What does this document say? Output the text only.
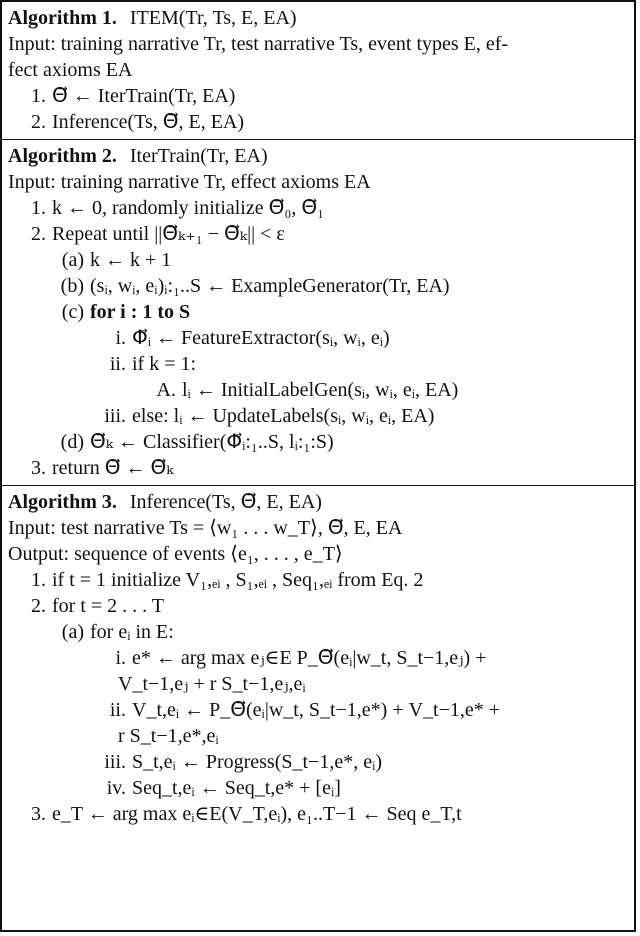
Algorithm 1. ITEM(Tr, Ts, E, EA)
Input: training narrative Tr, test narrative Ts, event types E, ef-
fect axioms EA
1. Θ⃗ ← IterTrain(Tr, EA)
2. Inference(Ts, Θ⃗, E, EA)
Algorithm 2. IterTrain(Tr, EA)
Input: training narrative Tr, effect axioms EA
1. k ← 0, randomly initialize Θ⃗₀, Θ⃗₁
2. Repeat until ||Θ⃗ₖ₊₁ − Θ⃗ₖ|| < ε
(a) k ← k + 1
(b) (sᵢ, wᵢ, eᵢ)ᵢ:₁..S ← ExampleGenerator(Tr, EA)
(c) for i : 1 to S
i. Φ⃗ᵢ ← FeatureExtractor(sᵢ, wᵢ, eᵢ)
ii. if k = 1:
A. lᵢ ← InitialLabelGen(sᵢ, wᵢ, eᵢ, EA)
iii. else: lᵢ ← UpdateLabels(sᵢ, wᵢ, eᵢ, EA)
(d) Θ⃗ₖ ← Classifier(Φ⃗ᵢ:₁..S, lᵢ:₁:S)
3. return Θ⃗ ← Θ⃗ₖ
Algorithm 3. Inference(Ts, Θ⃗, E, EA)
Input: test narrative Ts = ⟨w₁ . . . w_T⟩, Θ⃗, E, EA
Output: sequence of events ⟨e₁, . . . , e_T⟩
1. if t = 1 initialize V₁,ₑᵢ , S₁,ₑᵢ , Seq₁,ₑᵢ from Eq. 2
2. for t = 2 . . . T
(a) for eᵢ in E:
i. e* ← arg max eⱼ∈E P_Θ⃗(eᵢ|w_t, S_t−1,eⱼ) +
V_t−1,eⱼ + r S_t−1,eⱼ,eᵢ
ii. V_t,eᵢ ← P_Θ⃗(eᵢ|w_t, S_t−1,e*) + V_t−1,e* +
r S_t−1,e*,eᵢ
iii. S_t,eᵢ ← Progress(S_t−1,e*, eᵢ)
iv. Seq_t,eᵢ ← Seq_t,e* + [eᵢ]
3. e_T ← arg max eᵢ∈E(V_T,eᵢ), e₁..T−1 ← Seq e_T,t
